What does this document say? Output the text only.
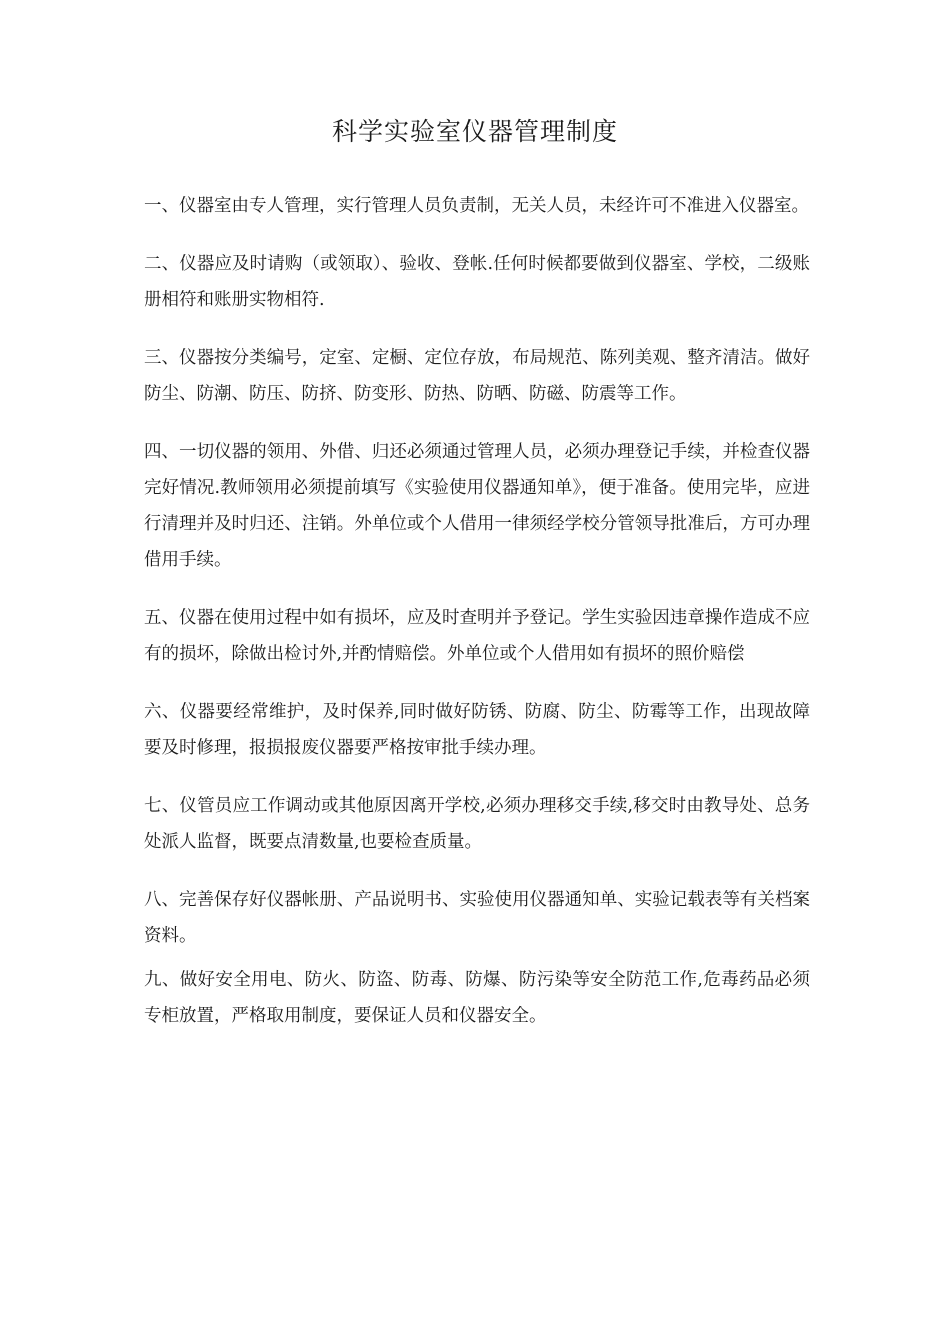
科学实验室仪器管理制度
一、仪器室由专人管理，实行管理人员负责制，无关人员，未经许可不准进入仪器室。
二、仪器应及时请购（或领取）、验收、登帐.任何时候都要做到仪器室、学校，二级账册相符和账册实物相符.
三、仪器按分类编号，定室、定橱、定位存放，布局规范、陈列美观、整齐清洁。做好防尘、防潮、防压、防挤、防变形、防热、防晒、防磁、防震等工作。
四、一切仪器的领用、外借、归还必须通过管理人员，必须办理登记手续，并检查仪器完好情况.教师领用必须提前填写《实验使用仪器通知单》，便于准备。使用完毕，应进行清理并及时归还、注销。外单位或个人借用一律须经学校分管领导批准后，方可办理借用手续。
五、仪器在使用过程中如有损坏，应及时查明并予登记。学生实验因违章操作造成不应有的损坏，除做出检讨外,并酌情赔偿。外单位或个人借用如有损坏的照价赔偿
六、仪器要经常维护，及时保养,同时做好防锈、防腐、防尘、防霉等工作，出现故障要及时修理，报损报废仪器要严格按审批手续办理。
七、仪管员应工作调动或其他原因离开学校,必须办理移交手续,移交时由教导处、总务处派人监督，既要点清数量,也要检查质量。
八、完善保存好仪器帐册、产品说明书、实验使用仪器通知单、实验记载表等有关档案资料。
九、做好安全用电、防火、防盗、防毒、防爆、防污染等安全防范工作,危毒药品必须专柜放置，严格取用制度，要保证人员和仪器安全。
